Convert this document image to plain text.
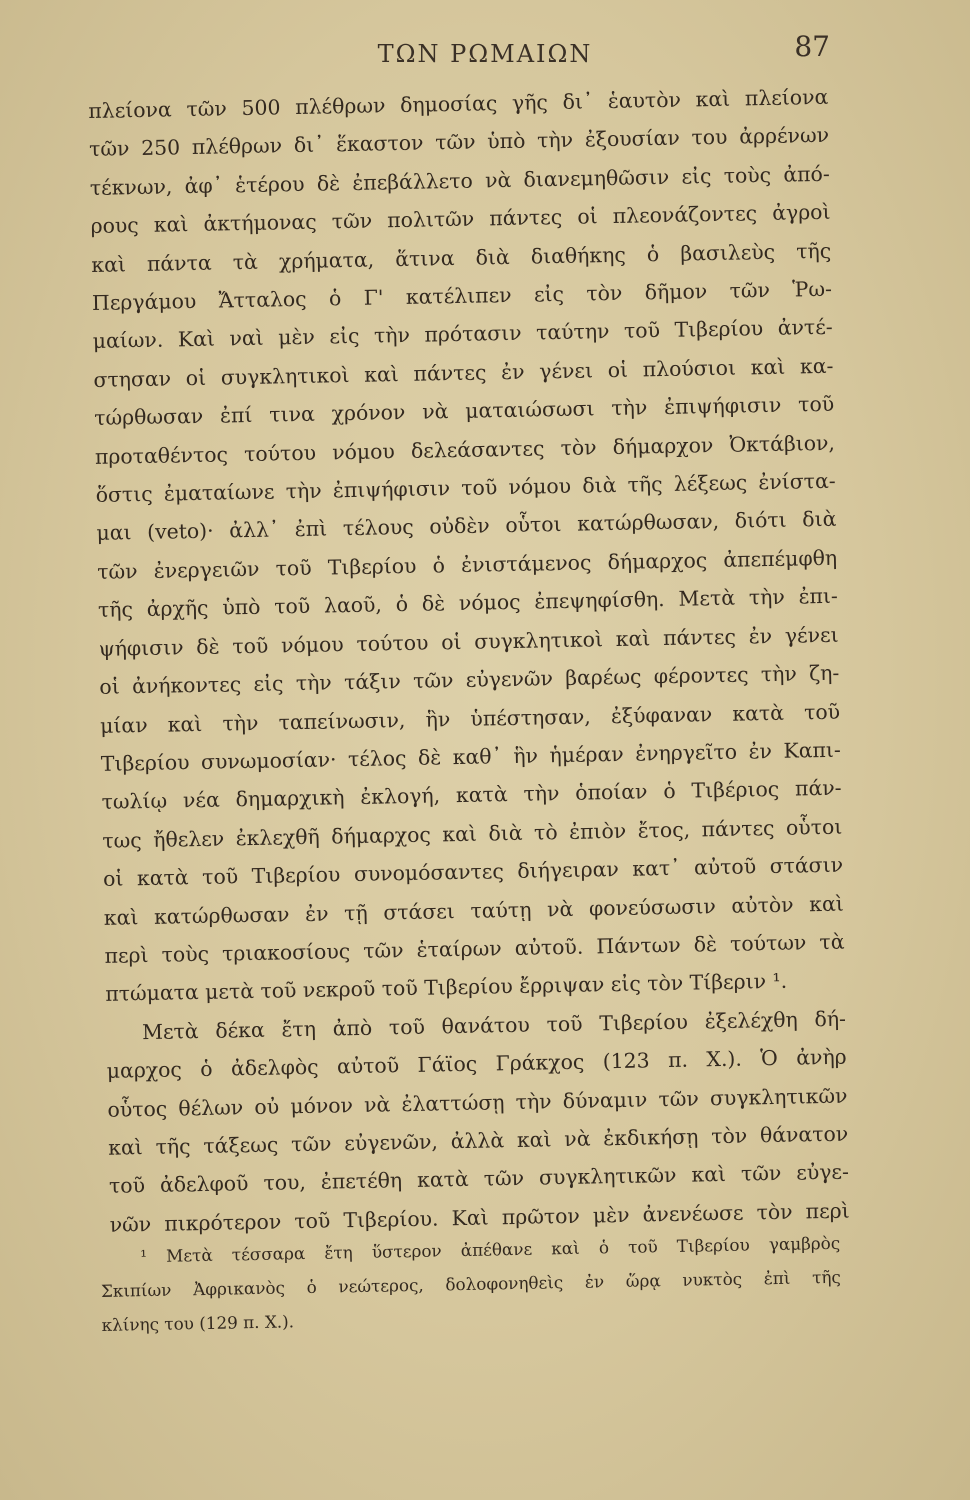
ΤΩΝ ΡΩΜΑΙΩΝ	87
πλείονα τῶν 500 πλέθρων δημοσίας γῆς δι᾿ ἑαυτὸν καὶ πλείονα
τῶν 250 πλέθρων δι᾿ ἕκαστον τῶν ὑπὸ τὴν ἐξουσίαν του ἀρρένων
τέκνων, ἀφ᾿ ἑτέρου δὲ ἐπεβάλλετο νὰ διανεμηθῶσιν εἰς τοὺς ἀπό-
ρους καὶ ἀκτήμονας τῶν πολιτῶν πάντες οἱ πλεονάζοντες ἀγροὶ
καὶ πάντα τὰ χρήματα, ἅτινα διὰ διαθήκης ὁ βασιλεὺς τῆς
Περγάμου Ἄτταλος ὁ Γ' κατέλιπεν εἰς τὸν δῆμον τῶν Ῥω-
μαίων. Καὶ ναὶ μὲν εἰς τὴν πρότασιν ταύτην τοῦ Τιβερίου ἀντέ-
στησαν οἱ συγκλητικοὶ καὶ πάντες ἐν γένει οἱ πλούσιοι καὶ κα-
τώρθωσαν ἐπί τινα χρόνον νὰ ματαιώσωσι τὴν ἐπιψήφισιν τοῦ
προταθέντος τούτου νόμου δελεάσαντες τὸν δήμαρχον Ὀκτάβιον,
ὅστις ἐματαίωνε τὴν ἐπιψήφισιν τοῦ νόμου διὰ τῆς λέξεως ἐνίστα-
μαι (veto)· ἀλλ᾿ ἐπὶ τέλους οὐδὲν οὗτοι κατώρθωσαν, διότι διὰ
τῶν ἐνεργειῶν τοῦ Τιβερίου ὁ ἐνιστάμενος δήμαρχος ἀπεπέμφθη
τῆς ἀρχῆς ὑπὸ τοῦ λαοῦ, ὁ δὲ νόμος ἐπεψηφίσθη. Μετὰ τὴν ἐπι-
ψήφισιν δὲ τοῦ νόμου τούτου οἱ συγκλητικοὶ καὶ πάντες ἐν γένει
οἱ ἀνήκοντες εἰς τὴν τάξιν τῶν εὐγενῶν βαρέως φέροντες τὴν ζη-
μίαν καὶ τὴν ταπείνωσιν, ἣν ὑπέστησαν, ἐξύφαναν κατὰ τοῦ
Τιβερίου συνωμοσίαν· τέλος δὲ καθ᾿ ἣν ἡμέραν ἐνηργεῖτο ἐν Καπι-
τωλίῳ νέα δημαρχικὴ ἐκλογή, κατὰ τὴν ὁποίαν ὁ Τιβέριος πάν-
τως ἤθελεν ἐκλεχθῆ δήμαρχος καὶ διὰ τὸ ἐπιὸν ἔτος, πάντες οὗτοι
οἱ κατὰ τοῦ Τιβερίου συνομόσαντες διήγειραν κατ᾿ αὐτοῦ στάσιν
καὶ κατώρθωσαν ἐν τῇ στάσει ταύτῃ νὰ φονεύσωσιν αὐτὸν καὶ
περὶ τοὺς τριακοσίους τῶν ἑταίρων αὐτοῦ. Πάντων δὲ τούτων τὰ
πτώματα μετὰ τοῦ νεκροῦ τοῦ Τιβερίου ἔρριψαν εἰς τὸν Τίβεριν ¹.
Μετὰ δέκα ἔτη ἀπὸ τοῦ θανάτου τοῦ Τιβερίου ἐξελέχθη δή-
μαρχος ὁ ἀδελφὸς αὐτοῦ Γάϊος Γράκχος (123 π. Χ.). Ὁ ἀνὴρ
οὗτος θέλων οὐ μόνον νὰ ἐλαττώσῃ τὴν δύναμιν τῶν συγκλητικῶν
καὶ τῆς τάξεως τῶν εὐγενῶν, ἀλλὰ καὶ νὰ ἐκδικήσῃ τὸν θάνατον
τοῦ ἀδελφοῦ του, ἐπετέθη κατὰ τῶν συγκλητικῶν καὶ τῶν εὐγε-
νῶν πικρότερον τοῦ Τιβερίου. Καὶ πρῶτον μὲν ἀνενέωσε τὸν περὶ
¹ Μετὰ τέσσαρα ἔτη ὕστερον ἀπέθανε καὶ ὁ τοῦ Τιβερίου γαμβρὸς
Σκιπίων Ἀφρικανὸς ὁ νεώτερος, δολοφονηθεὶς ἐν ὥρᾳ νυκτὸς ἐπὶ τῆς
κλίνης του (129 π. Χ.).
